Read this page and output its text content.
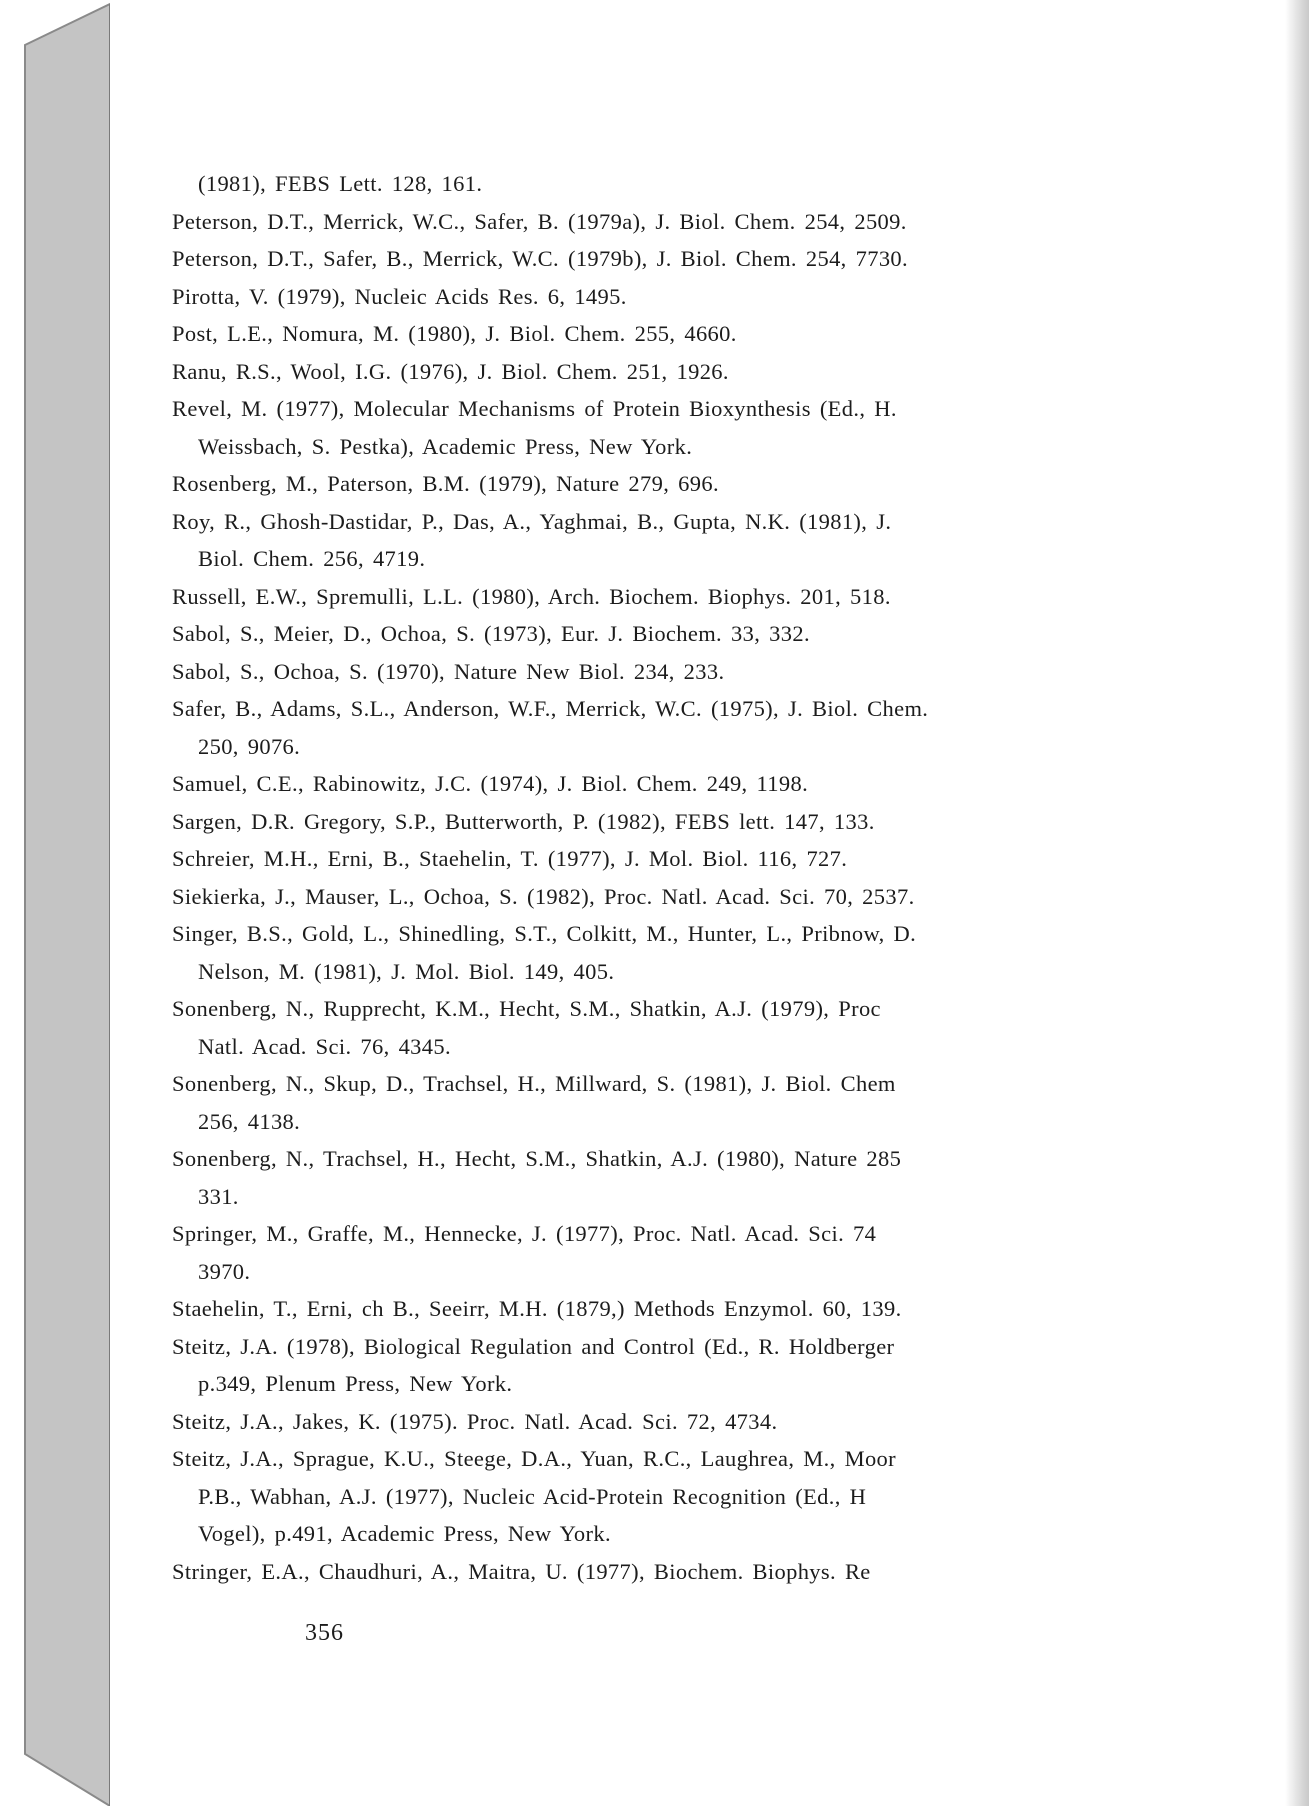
(1981), FEBS Lett. 128, 161.

Peterson, D.T., Merrick, W.C., Safer, B. (1979a), J. Biol. Chem. 254, 2509.

Peterson, D.T., Safer, B., Merrick, W.C. (1979b), J. Biol. Chem. 254, 7730.

Pirotta, V. (1979), Nucleic Acids Res. 6, 1495.

Post, L.E., Nomura, M. (1980), J. Biol. Chem. 255, 4660.

Ranu, R.S., Wool, I.G. (1976), J. Biol. Chem. 251, 1926.

Revel, M. (1977), Molecular Mechanisms of Protein Bioxynthesis (Ed., H.

Weissbach, S. Pestka), Academic Press, New York.

Rosenberg, M., Paterson, B.M. (1979), Nature 279, 696.

Roy, R., Ghosh-Dastidar, P., Das, A., Yaghmai, B., Gupta, N.K. (1981), J.

Biol. Chem. 256, 4719.

Russell, E.W., Spremulli, L.L. (1980), Arch. Biochem. Biophys. 201, 518.

Sabol, S., Meier, D., Ochoa, S. (1973), Eur. J. Biochem. 33, 332.

Sabol, S., Ochoa, S. (1970), Nature New Biol. 234, 233.

Safer, B., Adams, S.L., Anderson, W.F., Merrick, W.C. (1975), J. Biol. Chem.

250, 9076.

Samuel, C.E., Rabinowitz, J.C. (1974), J. Biol. Chem. 249, 1198.

Sargen, D.R. Gregory, S.P., Butterworth, P. (1982), FEBS lett. 147, 133.

Schreier, M.H., Erni, B., Staehelin, T. (1977), J. Mol. Biol. 116, 727.

Siekierka, J., Mauser, L., Ochoa, S. (1982), Proc. Natl. Acad. Sci. 70, 2537.

Singer, B.S., Gold, L., Shinedling, S.T., Colkitt, M., Hunter, L., Pribnow, D.

Nelson, M. (1981), J. Mol. Biol. 149, 405.

Sonenberg, N., Rupprecht, K.M., Hecht, S.M., Shatkin, A.J. (1979), Proc

Natl. Acad. Sci. 76, 4345.

Sonenberg, N., Skup, D., Trachsel, H., Millward, S. (1981), J. Biol. Chem

256, 4138.

Sonenberg, N., Trachsel, H., Hecht, S.M., Shatkin, A.J. (1980), Nature 285

331.

Springer, M., Graffe, M., Hennecke, J. (1977), Proc. Natl. Acad. Sci. 74

3970.

Staehelin, T., Erni, ch B., Seeirr, M.H. (1879,) Methods Enzymol. 60, 139.

Steitz, J.A. (1978), Biological Regulation and Control (Ed., R. Holdberger

p.349, Plenum Press, New York.

Steitz, J.A., Jakes, K. (1975). Proc. Natl. Acad. Sci. 72, 4734.

Steitz, J.A., Sprague, K.U., Steege, D.A., Yuan, R.C., Laughrea, M., Moor

P.B., Wabhan, A.J. (1977), Nucleic Acid-Protein Recognition (Ed., H

Vogel), p.491, Academic Press, New York.

Stringer, E.A., Chaudhuri, A., Maitra, U. (1977), Biochem. Biophys. Re

356
